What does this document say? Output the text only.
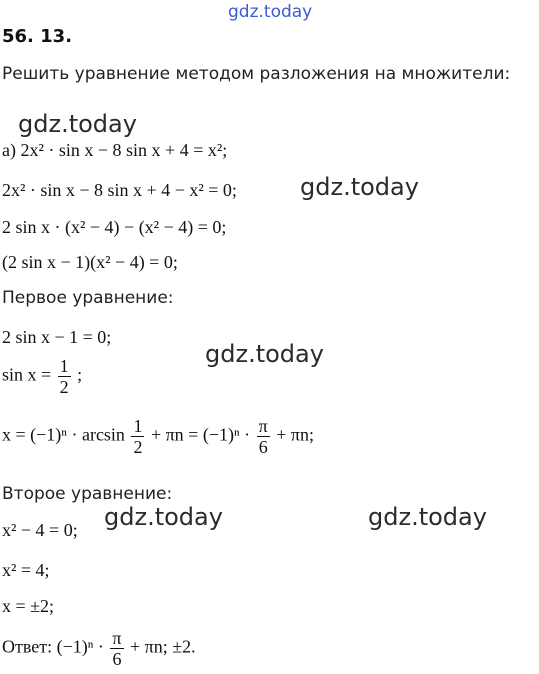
gdz.today
56. 13.
Решить уравнение методом разложения на множители:
gdz.today
а) 2x² · sin x − 8 sin x + 4 = x²;
2x² · sin x − 8 sin x + 4 − x² = 0;	gdz.today
2 sin x · (x² − 4) − (x² − 4) = 0;
(2 sin x − 1)(x² − 4) = 0;
Первое уравнение:
2 sin x − 1 = 0;
gdz.today
$\sin x = \frac{1}{2}$ ;
$x = (-1)^n \cdot \arcsin \frac{1}{2} + \pi n = (-1)^n \cdot \frac{\pi}{6} + \pi n$;
Второе уравнение:
x² − 4 = 0; gdz.today	gdz.today
x² = 4;
x = ±2;
Ответ: $(-1)^n \cdot \frac{\pi}{6} + \pi n$; ±2.
